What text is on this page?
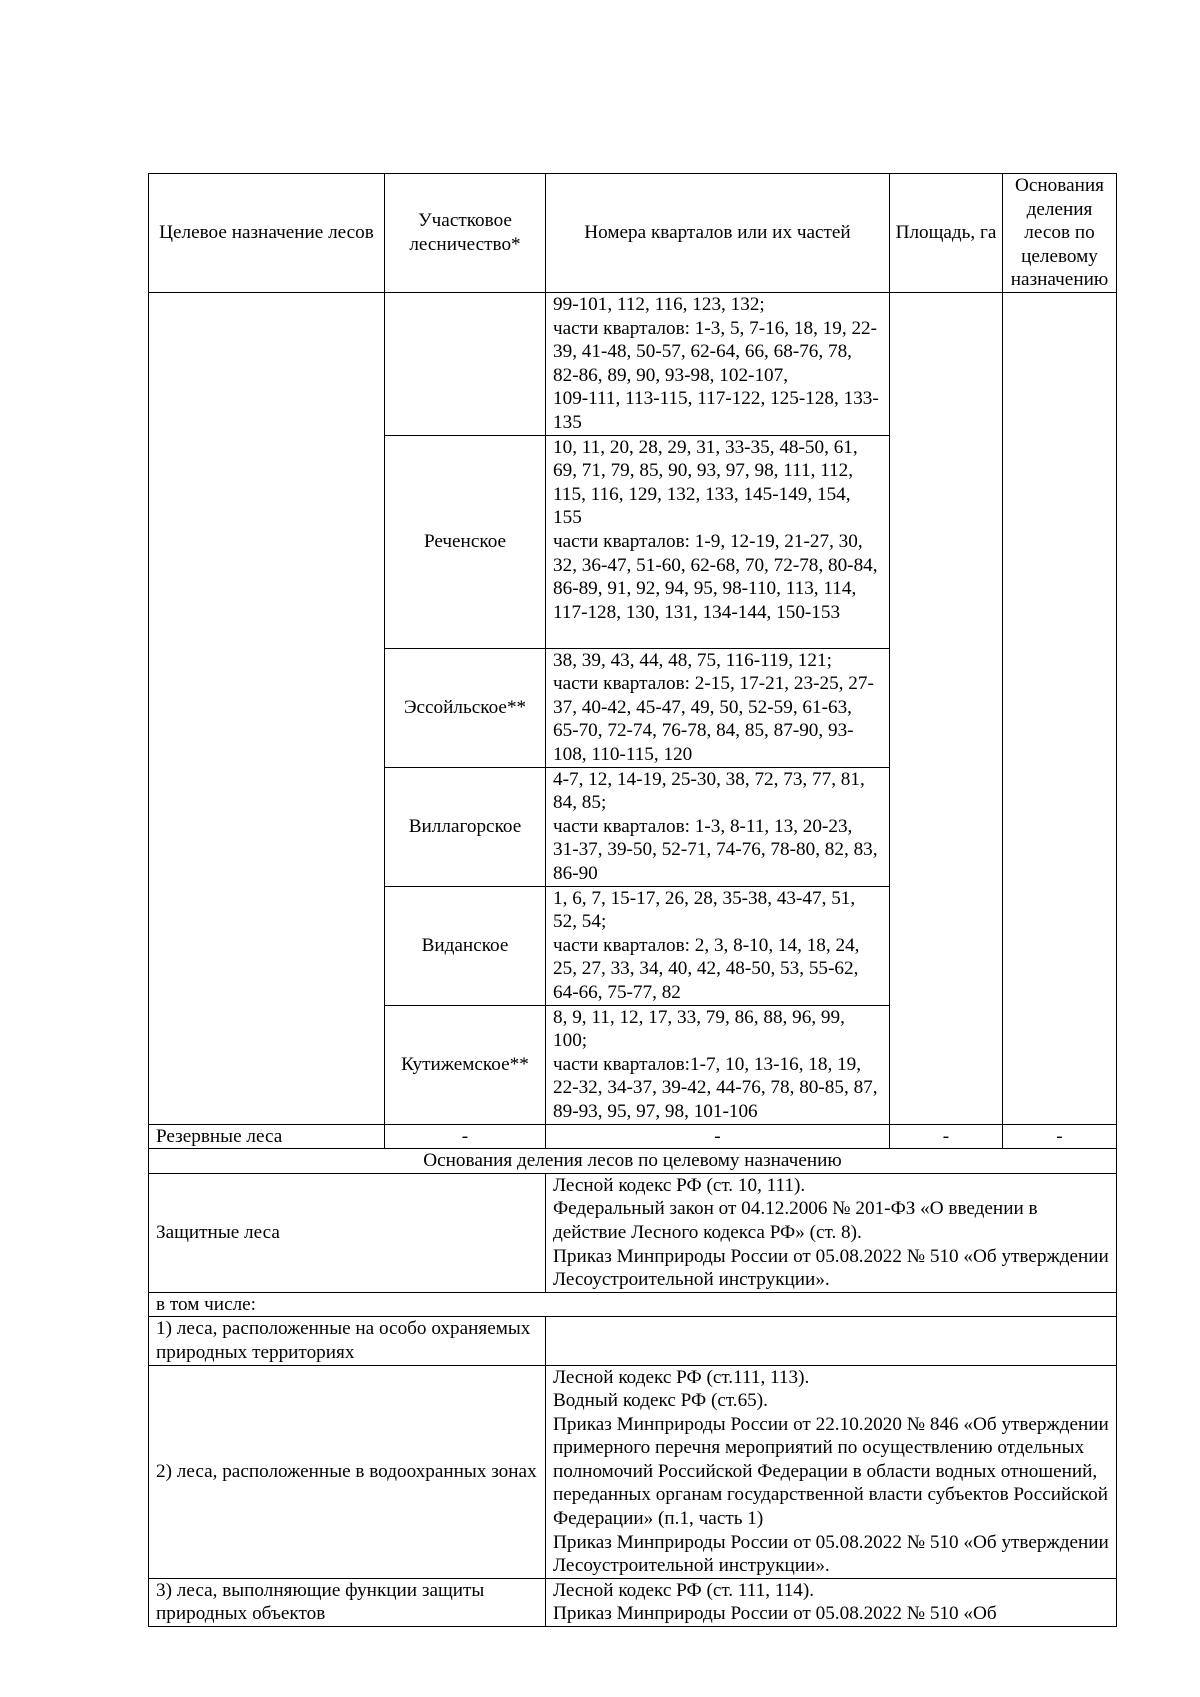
Целевое назначение лесов	Участковое лесничество*	Номера кварталов или их частей	Площадь, га	Основания деления лесов по целевому назначению
		99-101, 112, 116, 123, 132;
части кварталов: 1-3, 5, 7-16, 18, 19, 22-39, 41-48, 50-57, 62-64, 66, 68-76, 78, 82-86, 89, 90, 93-98, 102-107,
109-111, 113-115, 117-122, 125-128, 133-135		
	Реченское	10, 11, 20, 28, 29, 31, 33-35, 48-50, 61, 69, 71, 79, 85, 90, 93, 97, 98, 111, 112, 115, 116, 129, 132, 133, 145-149, 154, 155
части кварталов: 1-9, 12-19, 21-27, 30, 32, 36-47, 51-60, 62-68, 70, 72-78, 80-84, 86-89, 91, 92, 94, 95, 98-110, 113, 114, 117-128, 130, 131, 134-144, 150-153		
	Эссойльское**	38, 39, 43, 44, 48, 75, 116-119, 121;
части кварталов: 2-15, 17-21, 23-25, 27-37, 40-42, 45-47, 49, 50, 52-59, 61-63, 65-70, 72-74, 76-78, 84, 85, 87-90, 93-108, 110-115, 120		
	Виллагорское	4-7, 12, 14-19, 25-30, 38, 72, 73, 77, 81, 84, 85;
части кварталов: 1-3, 8-11, 13, 20-23, 31-37, 39-50, 52-71, 74-76, 78-80, 82, 83, 86-90		
	Виданское	1, 6, 7, 15-17, 26, 28, 35-38, 43-47, 51, 52, 54;
части кварталов: 2, 3, 8-10, 14, 18, 24, 25, 27, 33, 34, 40, 42, 48-50, 53, 55-62, 64-66, 75-77, 82		
	Кутижемское**	8, 9, 11, 12, 17, 33, 79, 86, 88, 96, 99, 100;
части кварталов:1-7, 10, 13-16, 18, 19, 22-32, 34-37, 39-42, 44-76, 78, 80-85, 87, 89-93, 95, 97, 98, 101-106		
Резервные леса	-	-	-	-
Основания деления лесов по целевому назначению				
Защитные леса		Лесной кодекс РФ (ст. 10, 111).
Федеральный закон от 04.12.2006 № 201-ФЗ «О введении в действие Лесного кодекса РФ» (ст. 8).
Приказ Минприроды России от 05.08.2022 № 510 «Об утверждении Лесоустроительной инструкции».		
в том числе:				
1) леса, расположенные на особо охраняемых природных территориях				
2) леса, расположенные в водоохранных зонах		Лесной кодекс РФ (ст.111, 113).
Водный кодекс РФ (ст.65).
Приказ Минприроды России от 22.10.2020 № 846 «Об утверждении примерного перечня мероприятий по осуществлению отдельных полномочий Российской Федерации в области водных отношений, переданных органам государственной власти субъектов Российской Федерации» (п.1, часть 1)
Приказ Минприроды России от 05.08.2022 № 510 «Об утверждении Лесоустроительной инструкции».		
3) леса, выполняющие функции защиты природных объектов		Лесной кодекс РФ (ст. 111, 114).
Приказ Минприроды России от 05.08.2022 № 510 «Об		
